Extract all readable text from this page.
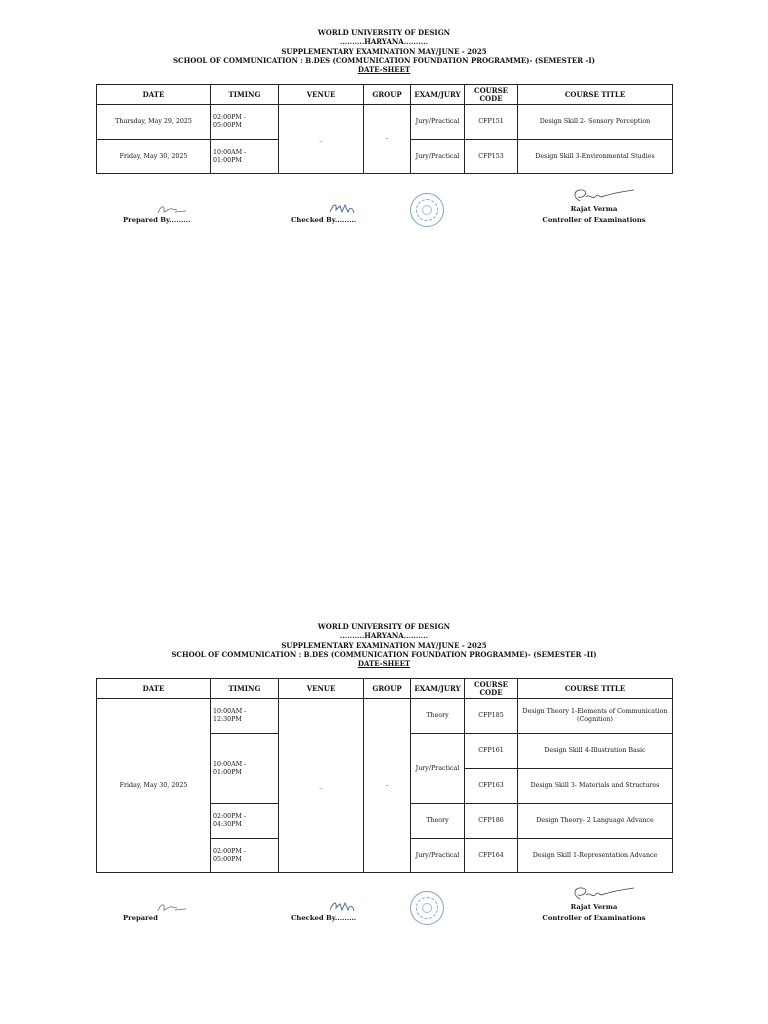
WORLD UNIVERSITY OF DESIGN
..........HARYANA..........
SUPPLEMENTARY EXAMINATION MAY/JUNE - 2025
SCHOOL OF COMMUNICATION : B.DES (COMMUNICATION FOUNDATION PROGRAMME)- (SEMESTER -I)
DATE-SHEET
DATE	TIMING	VENUE	GROUP	EXAM/JURY	COURSE CODE	COURSE TITLE
Thursday, May 29, 2025	02:00PM - 05:00PM	_	-	Jury/Practical	CFP151	Design Skill 2- Sensory Perception
Friday, May 30, 2025	10:00AM - 01:00PM			Jury/Practical	CFP153	Design Skill 3-Environmental Studies
Prepared By.........	Checked By.........
Rajat Verma
Controller of Examinations
WORLD UNIVERSITY OF DESIGN
..........HARYANA..........
SUPPLEMENTARY EXAMINATION MAY/JUNE - 2025
SCHOOL OF COMMUNICATION : B.DES (COMMUNICATION FOUNDATION PROGRAMME)- (SEMESTER -II)
DATE-SHEET
DATE	TIMING	VENUE	GROUP	EXAM/JURY	COURSE CODE	COURSE TITLE
Friday, May 30, 2025	10:00AM - 12:30PM	_	-	Theory	CFP185	Design Theory 1-Elements of Communication (Cognition)
	10:00AM - 01:00PM			Jury/Practical	CFP161	Design Skill 4-Illustration Basic
					CFP163	Design Skill 3- Materials and Structures
	02:00PM - 04:30PM			Theory	CFP186	Design Theory- 2 Language Advance
	02:00PM - 05:00PM			Jury/Practical	CFP164	Design Skill 1-Representation Advance
Prepared	Checked By.........
Rajat Verma
Controller of Examinations
